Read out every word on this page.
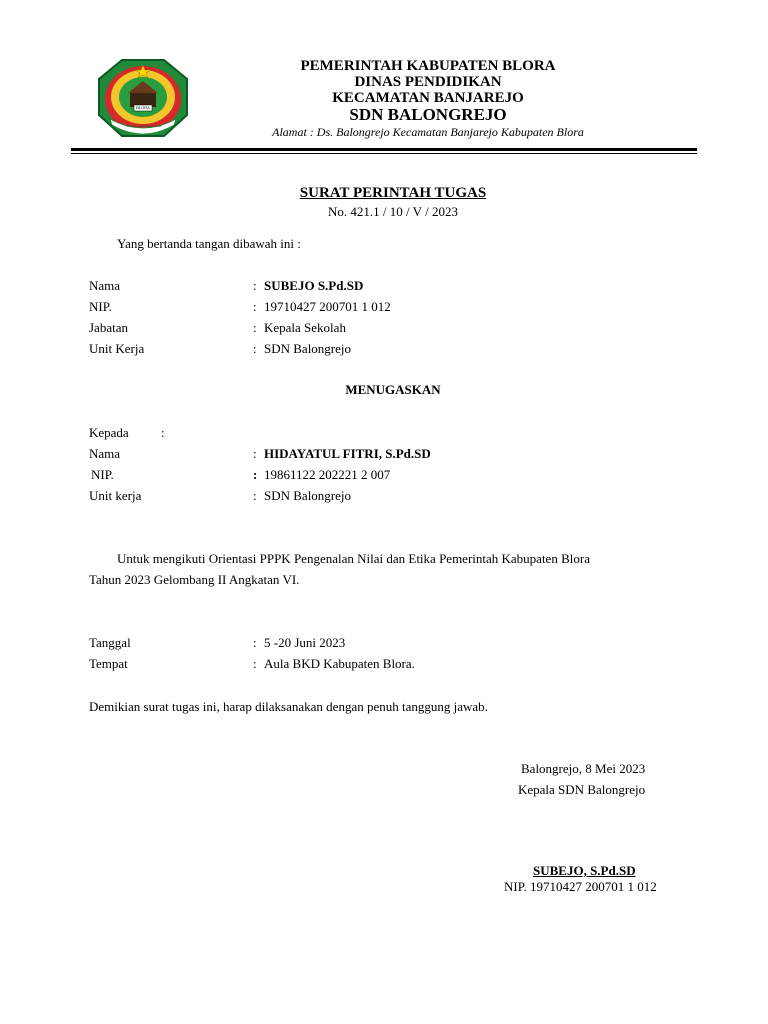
BLORA
Mustika Jaya Wiraya Mukti
PEMERINTAH KABUPATEN BLORA
DINAS PENDIDIKAN
KECAMATAN BANJAREJO
SDN BALONGREJO
Alamat : Ds. Balongrejo Kecamatan Banjarejo Kabupaten Blora
SURAT PERINTAH TUGAS
No. 421.1 / 10 / V / 2023
Yang bertanda tangan dibawah ini :
Nama	: SUBEJO S.Pd.SD
NIP.	: 19710427 200701 1 012
Jabatan	: Kepala Sekolah
Unit Kerja	: SDN Balongrejo
MENUGASKAN
Kepada :
Nama	: HIDAYATUL FITRI, S.Pd.SD
NIP.	: 19861122 202221 2 007
Unit kerja	: SDN Balongrejo
Untuk mengikuti Orientasi PPPK Pengenalan Nilai dan Etika Pemerintah Kabupaten Blora
Tahun 2023 Gelombang II Angkatan VI.
Tanggal	: 5 -20 Juni 2023
Tempat	: Aula BKD Kabupaten Blora.
Demikian surat tugas ini, harap dilaksanakan dengan penuh tanggung jawab.
Balongrejo, 8 Mei 2023
Kepala SDN Balongrejo
SUBEJO, S.Pd.SD
NIP. 19710427 200701 1 012
